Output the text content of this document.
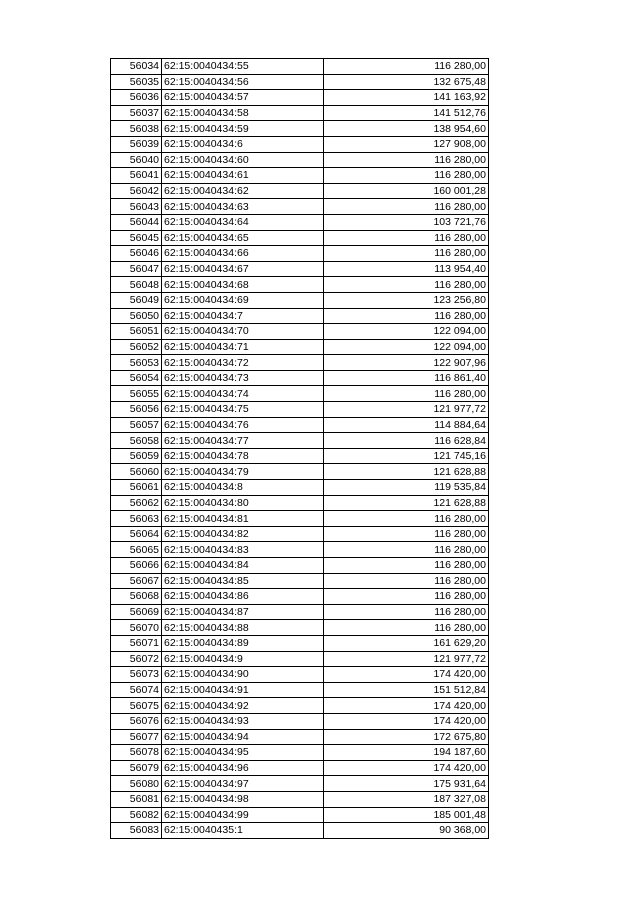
56034	62:15:0040434:55	116 280,00
56035	62:15:0040434:56	132 675,48
56036	62:15:0040434:57	141 163,92
56037	62:15:0040434:58	141 512,76
56038	62:15:0040434:59	138 954,60
56039	62:15:0040434:6	127 908,00
56040	62:15:0040434:60	116 280,00
56041	62:15:0040434:61	116 280,00
56042	62:15:0040434:62	160 001,28
56043	62:15:0040434:63	116 280,00
56044	62:15:0040434:64	103 721,76
56045	62:15:0040434:65	116 280,00
56046	62:15:0040434:66	116 280,00
56047	62:15:0040434:67	113 954,40
56048	62:15:0040434:68	116 280,00
56049	62:15:0040434:69	123 256,80
56050	62:15:0040434:7	116 280,00
56051	62:15:0040434:70	122 094,00
56052	62:15:0040434:71	122 094,00
56053	62:15:0040434:72	122 907,96
56054	62:15:0040434:73	116 861,40
56055	62:15:0040434:74	116 280,00
56056	62:15:0040434:75	121 977,72
56057	62:15:0040434:76	114 884,64
56058	62:15:0040434:77	116 628,84
56059	62:15:0040434:78	121 745,16
56060	62:15:0040434:79	121 628,88
56061	62:15:0040434:8	119 535,84
56062	62:15:0040434:80	121 628,88
56063	62:15:0040434:81	116 280,00
56064	62:15:0040434:82	116 280,00
56065	62:15:0040434:83	116 280,00
56066	62:15:0040434:84	116 280,00
56067	62:15:0040434:85	116 280,00
56068	62:15:0040434:86	116 280,00
56069	62:15:0040434:87	116 280,00
56070	62:15:0040434:88	116 280,00
56071	62:15:0040434:89	161 629,20
56072	62:15:0040434:9	121 977,72
56073	62:15:0040434:90	174 420,00
56074	62:15:0040434:91	151 512,84
56075	62:15:0040434:92	174 420,00
56076	62:15:0040434:93	174 420,00
56077	62:15:0040434:94	172 675,80
56078	62:15:0040434:95	194 187,60
56079	62:15:0040434:96	174 420,00
56080	62:15:0040434:97	175 931,64
56081	62:15:0040434:98	187 327,08
56082	62:15:0040434:99	185 001,48
56083	62:15:0040435:1	90 368,00
